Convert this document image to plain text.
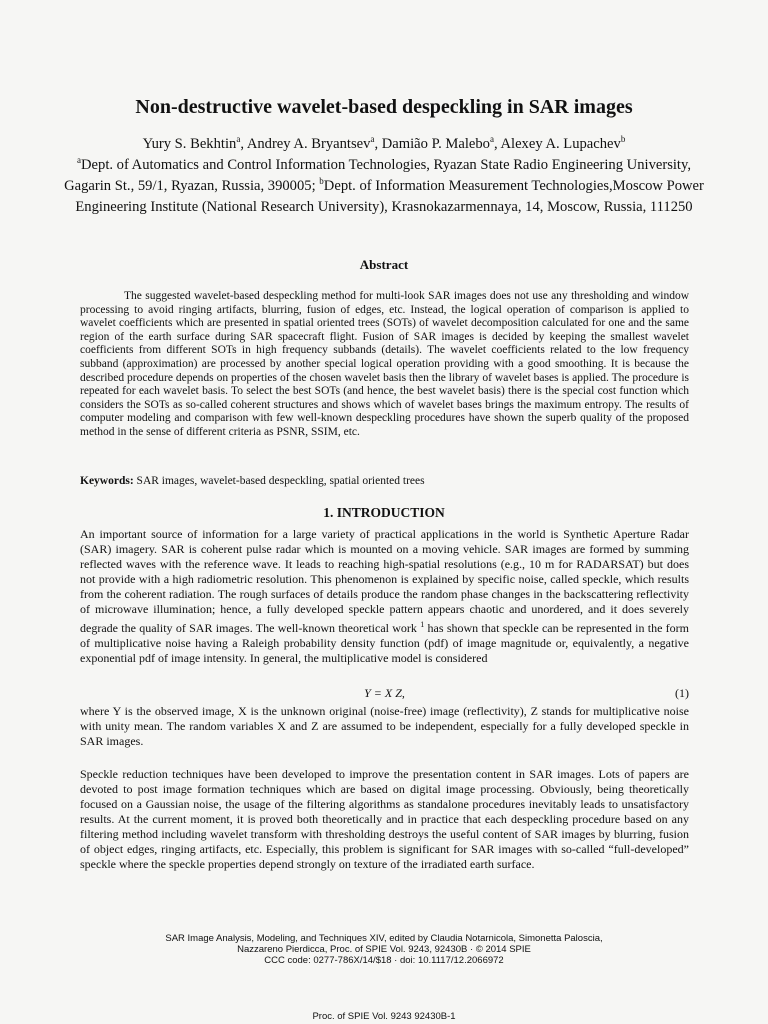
Non-destructive wavelet-based despeckling in SAR images
Yury S. Bekhtin$^a$, Andrey A. Bryantsev$^a$, Damião P. Malebo$^a$, Alexey A. Lupachev$^b$
$^a$Dept. of Automatics and Control Information Technologies, Ryazan State Radio Engineering University, Gagarin St., 59/1, Ryazan, Russia, 390005; $^b$Dept. of Information Measurement Technologies,Moscow Power Engineering Institute (National Research University), Krasnokazarmennaya, 14, Moscow, Russia, 111250
Abstract

The suggested wavelet-based despeckling method for multi-look SAR images does not use any thresholding and window processing to avoid ringing artifacts, blurring, fusion of edges, etc. Instead, the logical operation of comparison is applied to wavelet coefficients which are presented in spatial oriented trees (SOTs) of wavelet decomposition calculated for one and the same region of the earth surface during SAR spacecraft flight. Fusion of SAR images is decided by keeping the smallest wavelet coefficients from different SOTs in high frequency subbands (details). The wavelet coefficients related to the low frequency subband (approximation) are processed by another special logical operation providing with a good smoothing. It is because the described procedure depends on properties of the chosen wavelet basis then the library of wavelet bases is applied. The procedure is repeated for each wavelet basis. To select the best SOTs (and hence, the best wavelet basis) there is the special cost function which considers the SOTs as so-called coherent structures and shows which of wavelet bases brings the maximum entropy. The results of computer modeling and comparison with few well-known despeckling procedures have shown the superb quality of the proposed method in the sense of different criteria as PSNR, SSIM, etc.

Keywords: SAR images, wavelet-based despeckling, spatial oriented trees

1. INTRODUCTION

An important source of information for a large variety of practical applications in the world is Synthetic Aperture Radar (SAR) imagery. SAR is coherent pulse radar which is mounted on a moving vehicle. SAR images are formed by summing reflected waves with the reference wave. It leads to reaching high-spatial resolutions (e.g., 10 m for RADARSAT) but does not provide with a high radiometric resolution. This phenomenon is explained by specific noise, called speckle, which results from the coherent radiation. The rough surfaces of details produce the random phase changes in the backscattering reflectivity of microwave illumination; hence, a fully developed speckle pattern appears chaotic and unordered, and it does severely degrade the quality of SAR images. The well-known theoretical work $^1$ has shown that speckle can be represented in the form of multiplicative noise having a Raleigh probability density function (pdf) of image magnitude or, equivalently, a negative exponential pdf of image intensity. In general, the multiplicative model is considered

Y = X Z,	(1)

where Y is the observed image, X is the unknown original (noise-free) image (reflectivity), Z stands for multiplicative noise with unity mean. The random variables X and Z are assumed to be independent, especially for a fully developed speckle in SAR images.

Speckle reduction techniques have been developed to improve the presentation content in SAR images. Lots of papers are devoted to post image formation techniques which are based on digital image processing. Obviously, being theoretically focused on a Gaussian noise, the usage of the filtering algorithms as standalone procedures inevitably leads to unsatisfactory results. At the current moment, it is proved both theoretically and in practice that each despeckling procedure based on any filtering method including wavelet transform with thresholding destroys the useful content of SAR images by blurring, fusion of object edges, ringing artifacts, etc. Especially, this problem is significant for SAR images with so-called “full-developed” speckle where the speckle properties depend strongly on texture of the irradiated earth surface.

SAR Image Analysis, Modeling, and Techniques XIV, edited by Claudia Notarnicola, Simonetta Paloscia,
Nazzareno Pierdicca, Proc. of SPIE Vol. 9243, 92430B · © 2014 SPIE
CCC code: 0277-786X/14/$18 · doi: 10.1117/12.2066972
Proc. of SPIE Vol. 9243 92430B-1
